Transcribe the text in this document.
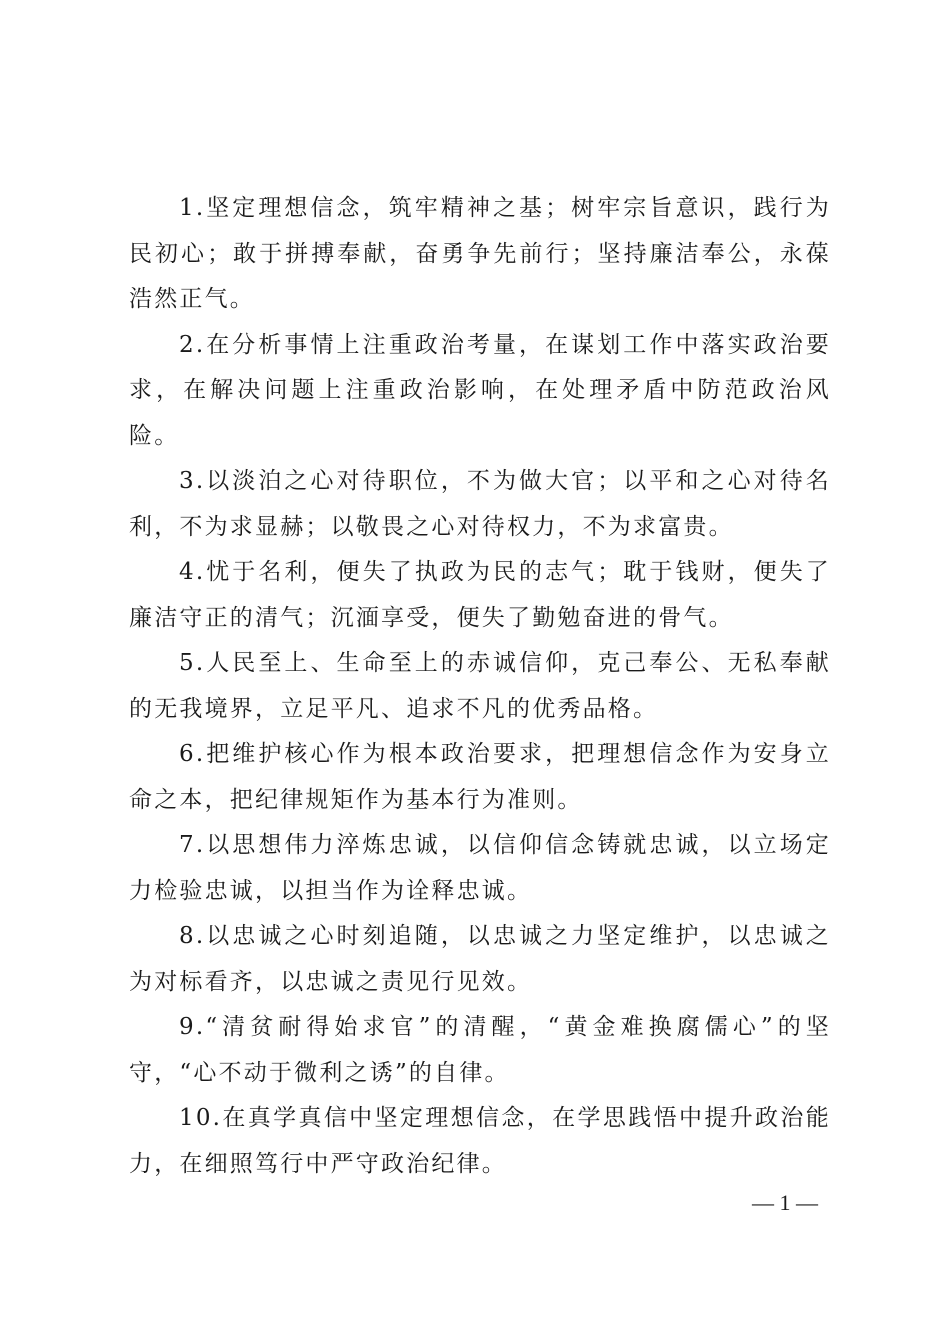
1.坚定理想信念，筑牢精神之基；树牢宗旨意识，践行为民初心；敢于拼搏奉献，奋勇争先前行；坚持廉洁奉公，永葆浩然正气。

2.在分析事情上注重政治考量，在谋划工作中落实政治要求，在解决问题上注重政治影响，在处理矛盾中防范政治风险。

3.以淡泊之心对待职位，不为做大官；以平和之心对待名利，不为求显赫；以敬畏之心对待权力，不为求富贵。

4.忧于名利，便失了执政为民的志气；耽于钱财，便失了廉洁守正的清气；沉湎享受，便失了勤勉奋进的骨气。

5.人民至上、生命至上的赤诚信仰，克己奉公、无私奉献的无我境界，立足平凡、追求不凡的优秀品格。

6.把维护核心作为根本政治要求，把理想信念作为安身立命之本，把纪律规矩作为基本行为准则。

7.以思想伟力淬炼忠诚，以信仰信念铸就忠诚，以立场定力检验忠诚，以担当作为诠释忠诚。

8.以忠诚之心时刻追随，以忠诚之力坚定维护，以忠诚之为对标看齐，以忠诚之责见行见效。

9.“清贫耐得始求官”的清醒，“黄金难换腐儒心”的坚守，“心不动于微利之诱”的自律。

10.在真学真信中坚定理想信念，在学思践悟中提升政治能力，在细照笃行中严守政治纪律。

— 1 —
